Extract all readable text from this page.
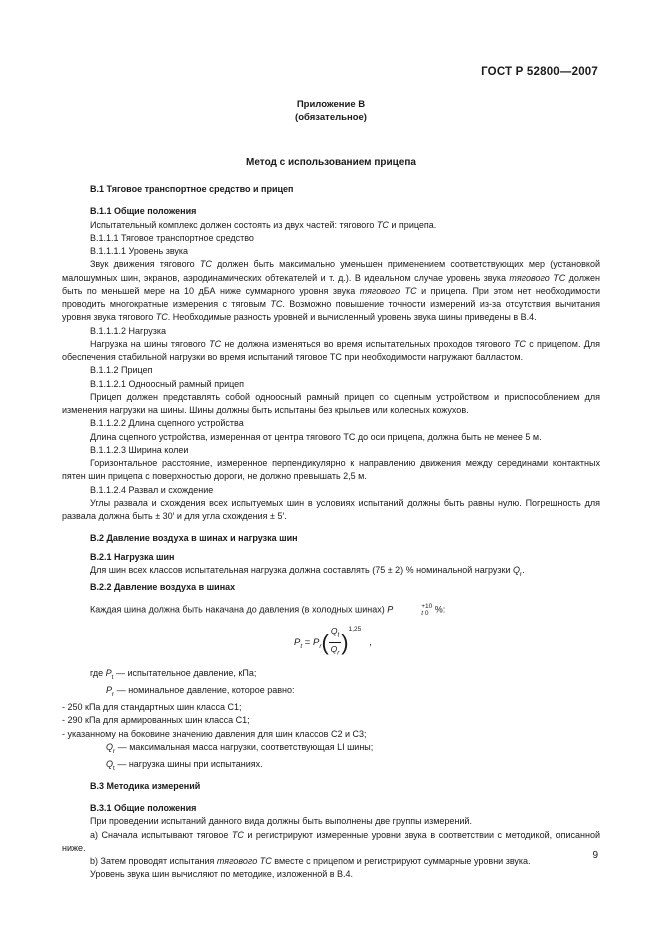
ГОСТ Р 52800—2007
Приложение В
(обязательное)
Метод с использованием прицепа

В.1 Тяговое транспортное средство и прицеп

В.1.1 Общие положения

Испытательный комплекс должен состоять из двух частей: тягового ТС и прицепа.

В.1.1.1 Тяговое транспортное средство

В.1.1.1.1 Уровень звука

Звук движения тягового ТС должен быть максимально уменьшен применением соответствующих мер (установкой малошумных шин, экранов, аэродинамических обтекателей и т. д.). В идеальном случае уровень звука тягового ТС должен быть по меньшей мере на 10 дБА ниже суммарного уровня звука тягового ТС и прицепа. При этом нет необходимости проводить многократные измерения с тяговым ТС. Возможно повышение точности измерений из-за отсутствия вычитания уровня звука тягового ТС. Необходимые разность уровней и вычисленный уровень звука шины приведены в В.4.

В.1.1.1.2 Нагрузка

Нагрузка на шины тягового ТС не должна изменяться во время испытательных проходов тягового ТС с прицепом. Для обеспечения стабильной нагрузки во время испытаний тяговое ТС при необходимости нагружают балластом.

В.1.1.2 Прицеп

В.1.1.2.1 Одноосный рамный прицеп

Прицеп должен представлять собой одноосный рамный прицеп со сцепным устройством и приспособлением для изменения нагрузки на шины. Шины должны быть испытаны без крыльев или колесных кожухов.

В.1.1.2.2 Длина сцепного устройства

Длина сцепного устройства, измеренная от центра тягового ТС до оси прицепа, должна быть не менее 5 м.

В.1.1.2.3 Ширина колеи

Горизонтальное расстояние, измеренное перпендикулярно к направлению движения между серединами контактных пятен шин прицепа с поверхностью дороги, не должно превышать 2,5 м.

В.1.1.2.4 Развал и схождение

Углы развала и схождения всех испытуемых шин в условиях испытаний должны быть равны нулю. Погрешность для развала должна быть ± 30′ и для угла схождения ± 5′.

В.2 Давление воздуха в шинах и нагрузка шин

В.2.1 Нагрузка шин

Для шин всех классов испытательная нагрузка должна составлять (75 ± 2) % номинальной нагрузки $Q_r$.

В.2.2 Давление воздуха в шинах

Каждая шина должна быть накачана до давления (в холодных шинах) P	+10
t 0 %:

$P_t = P_r( \frac{Q_t}{Q_r} )^{1,25}$,

где $P_t$ — испытательное давление, кПа;

$P_r$ — номинальное давление, которое равно:

- 250 кПа для стандартных шин класса С1;

- 290 кПа для армированных шин класса С1;

- указанному на боковине значению давления для шин классов С2 и С3;

$Q_r$ — максимальная масса нагрузки, соответствующая LI шины;

$Q_t$ — нагрузка шины при испытаниях.

В.3 Методика измерений

В.3.1 Общие положения

При проведении испытаний данного вида должны быть выполнены две группы измерений.

а) Сначала испытывают тяговое ТС и регистрируют измеренные уровни звука в соответствии с методикой, описанной ниже.

b) Затем проводят испытания тягового ТС вместе с прицепом и регистрируют суммарные уровни звука.

Уровень звука шин вычисляют по методике, изложенной в В.4.

9
